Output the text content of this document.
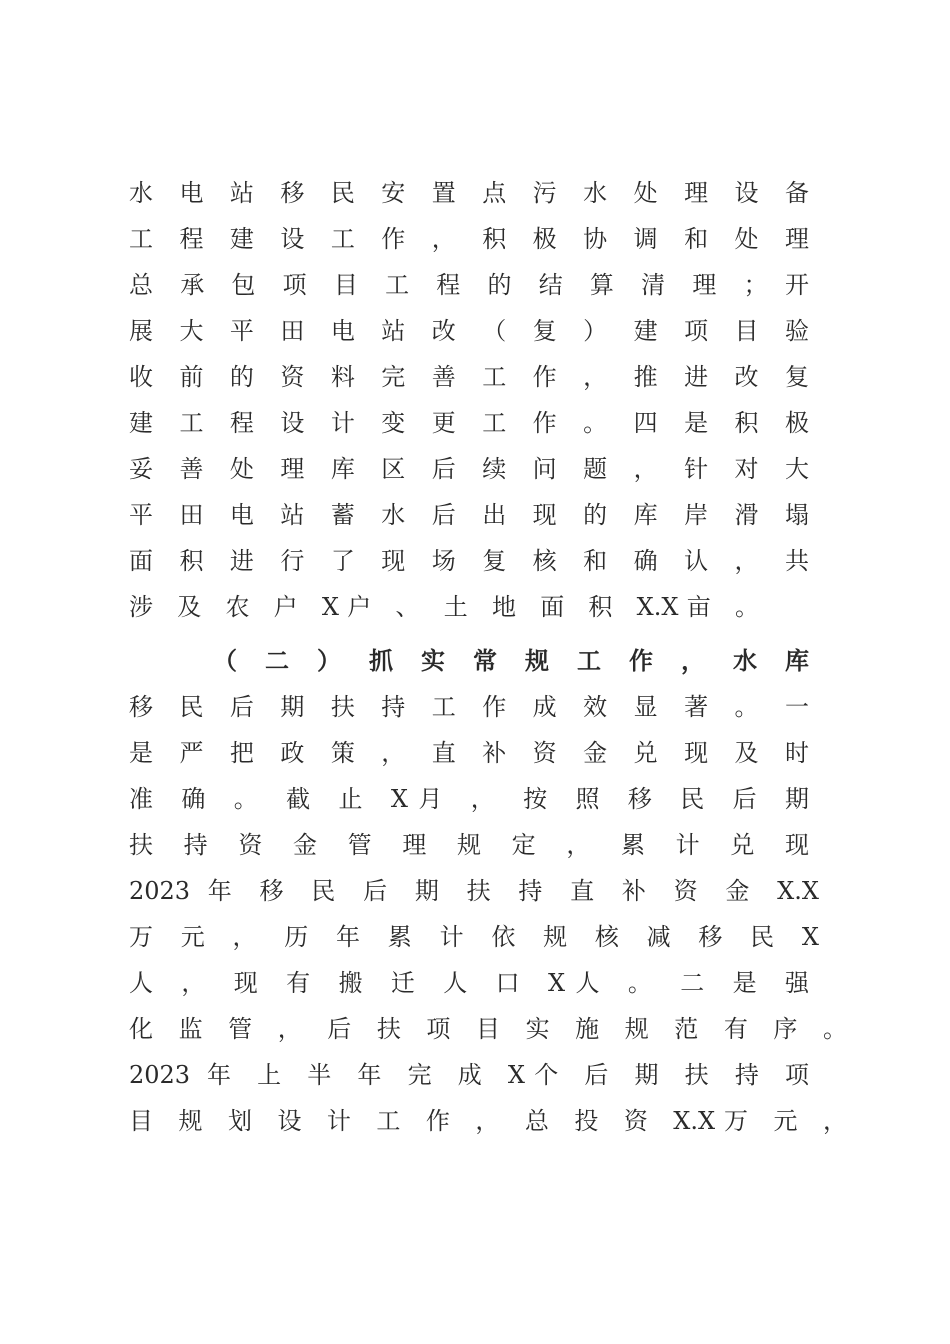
水 电 站 移 民 安 置 点 污 水 处 理 设 备
工 程 建 设 工 作 ， 积 极 协 调 和 处 理
总 承 包 项 目 工 程 的 结 算 清 理 ； 开
展 大 平 田 电 站 改 （ 复 ） 建 项 目 验
收 前 的 资 料 完 善 工 作 ， 推 进 改 复
建 工 程 设 计 变 更 工 作 。 四 是 积 极
妥 善 处 理 库 区 后 续 问 题 ， 针 对 大
平 田 电 站 蓄 水 后 出 现 的 库 岸 滑 塌
面 积 进 行 了 现 场 复 核 和 确 认 ， 共
涉 及 农 户 X户 、 土 地 面 积 X.X亩 。
（ 二 ） 抓 实 常 规 工 作 ， 水 库
移 民 后 期 扶 持 工 作 成 效 显 著 。 一
是 严 把 政 策 ， 直 补 资 金 兑 现 及 时
准 确 。 截 止 X月 ， 按 照 移 民 后 期
扶 持 资 金 管 理 规 定 ， 累 计 兑 现
2023 年 移 民 后 期 扶 持 直 补 资 金 X.X
万 元 ， 历 年 累 计 依 规 核 减 移 民 X
人 ， 现 有 搬 迁 人 口 X人 。 二 是 强
化 监 管 ， 后 扶 项 目 实 施 规 范 有 序 。
2023 年 上 半 年 完 成 X个 后 期 扶 持 项
目 规 划 设 计 工 作 ， 总 投 资 X.X万 元 ，
